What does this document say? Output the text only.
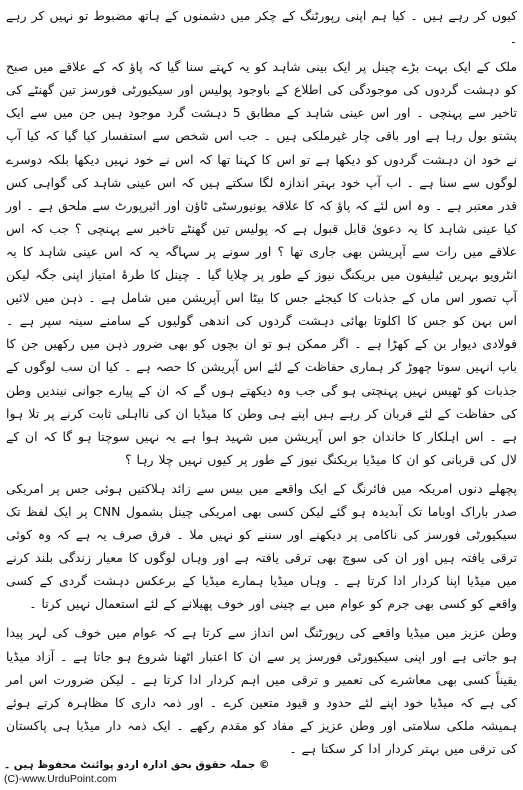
کیوں کر رہے ہیں ۔ کیا ہم اپنی رپورٹنگ کے چکر میں دشمنوں کے ہاتھ مضبوط تو نہیں کر رہے ۔

ملک کے ایک بہت بڑے چینل پر ایک بینی شاہد کو یہ کہتے سنا گیا کہ پاؤ کہ کے علاقے میں صبح کو دہشت گردوں کی موجودگی کی اطلاع کے باوجود پولیس اور سیکیورٹی فورسز تین گھنٹے کی تاخیر سے پہنچی ۔ اور اس عینی شاہد کے مطابق 5 دہشت گرد موجود ہیں جن میں سے ایک پشتو بول رہا ہے اور باقی چار غیرملکی ہیں ۔ جب اس شخص سے استفسار کیا گیا کہ کیا آپ نے خود ان دہشت گردوں کو دیکھا ہے تو اس کا کہنا تھا کہ اس نے خود نہیں دیکھا بلکہ دوسرے لوگوں سے سنا ہے ۔ اب آپ خود بہتر اندازہ لگا سکتے ہیں کہ اس عینی شاہد کی گواہی کس قدر معتبر ہے ۔ وہ اس لئے کہ پاؤ کہ کا علاقہ یونیورسٹی ٹاؤن اور ائیرپورٹ سے ملحق ہے ۔ اور کیا عینی شاہد کا یہ دعویٰ قابل قبول ہے کہ پولیس تین گھنٹے تاخیر سے پہنچی ؟ جب کہ اس علاقے میں رات سے آپریشن بھی جاری تھا ؟ اور سونے پر سہاگہ یہ کہ اس عینی شاہد کا یہ انٹرویو بہریں ٹیلیفون میں بریکنگ نیوز کے طور پر چلایا گیا ۔ چینل کا طرۂ امتیاز اپنی جگہ لیکن آپ تصور اس ماں کے جذبات کا کیجئے جس کا بیٹا اس آپریشن میں شامل ہے ۔ ذہن میں لائیں اس بہن کو جس کا اکلوتا بھائی دہشت گردوں کی اندھی گولیوں کے سامنے سینہ سپر ہے ۔ فولادی دیوار بن کے کھڑا ہے ۔ اگر ممکن ہو تو ان بچوں کو بھی ضرور ذہن میں رکھیں جن کا باپ انہیں سوتا چھوڑ کر ہماری حفاظت کے لئے اس آپریشن کا حصہ ہے ۔ کیا ان سب لوگوں کے جذبات کو ٹھیس نہیں پہنچتی ہو گی جب وہ دیکھتے ہوں گے کہ ان کے پیارے جوانی نیندیں وطن کی حفاظت کے لئے قربان کر رہے ہیں اپنے ہی وطن کا میڈیا ان کی نااہلی ثابت کرنے پر تلا ہوا ہے ۔ اس اہلکار کا خاندان جو اس آپریشن میں شہید ہوا ہے یہ نہیں سوچتا ہو گا کہ ان کے لال کی قربانی کو ان کا میڈیا بریکنگ نیوز کے طور پر کیوں نہیں چلا رہا ؟

پچھلے دنوں امریکہ میں فائرنگ کے ایک واقعے میں بیس سے زائد ہلاکتیں ہوئی جس پر امریکی صدر باراک اوباما تک آبدیدہ ہو گئے لیکن کسی بھی امریکی چینل بشمول CNN پر ایک لفظ تک سیکیورٹی فورسز کی ناکامی پر دیکھنے اور سننے کو نہیں ملا ۔ فرق صرف یہ ہے کہ وہ کوئی ترقی یافتہ ہیں اور ان کی سوچ بھی ترقی یافتہ ہے اور وہاں لوگوں کا معیار زندگی بلند کرنے میں میڈیا اپنا کردار ادا کرتا ہے ۔ وہاں میڈیا ہمارے میڈیا کے برعکس دہشت گردی کے کسی واقعے کو کسی بھی جرم کو عوام میں بے چینی اور خوف پھیلانے کے لئے استعمال نہیں کرتا ۔

وطن عزیز میں میڈیا واقعے کی رپورٹنگ اس انداز سے کرتا ہے کہ عوام میں خوف کی لہر پیدا ہو جاتی ہے اور اپنی سیکیورٹی فورسز پر سے ان کا اعتبار اٹھنا شروع ہو جاتا ہے ۔ آزاد میڈیا یقیناً کسی بھی معاشرے کی تعمیر و ترقی میں اہم کردار ادا کرتا ہے ۔ لیکن ضرورت اس امر کی ہے کہ میڈیا خود اپنے لئے حدود و قیود متعین کرے ۔ اور ذمہ داری کا مظاہرہ کرتے ہوئے ہمیشہ ملکی سلامتی اور وطن عزیز کے مفاد کو مقدم رکھے ۔ ایک ذمہ دار میڈیا ہی پاکستان کی ترقی میں بہتر کردار ادا کر سکتا ہے ۔

© جملہ حقوق بحق ادارہ اردو پوائنٹ محفوظ ہیں ۔
(C)-www.UrduPoint.com
